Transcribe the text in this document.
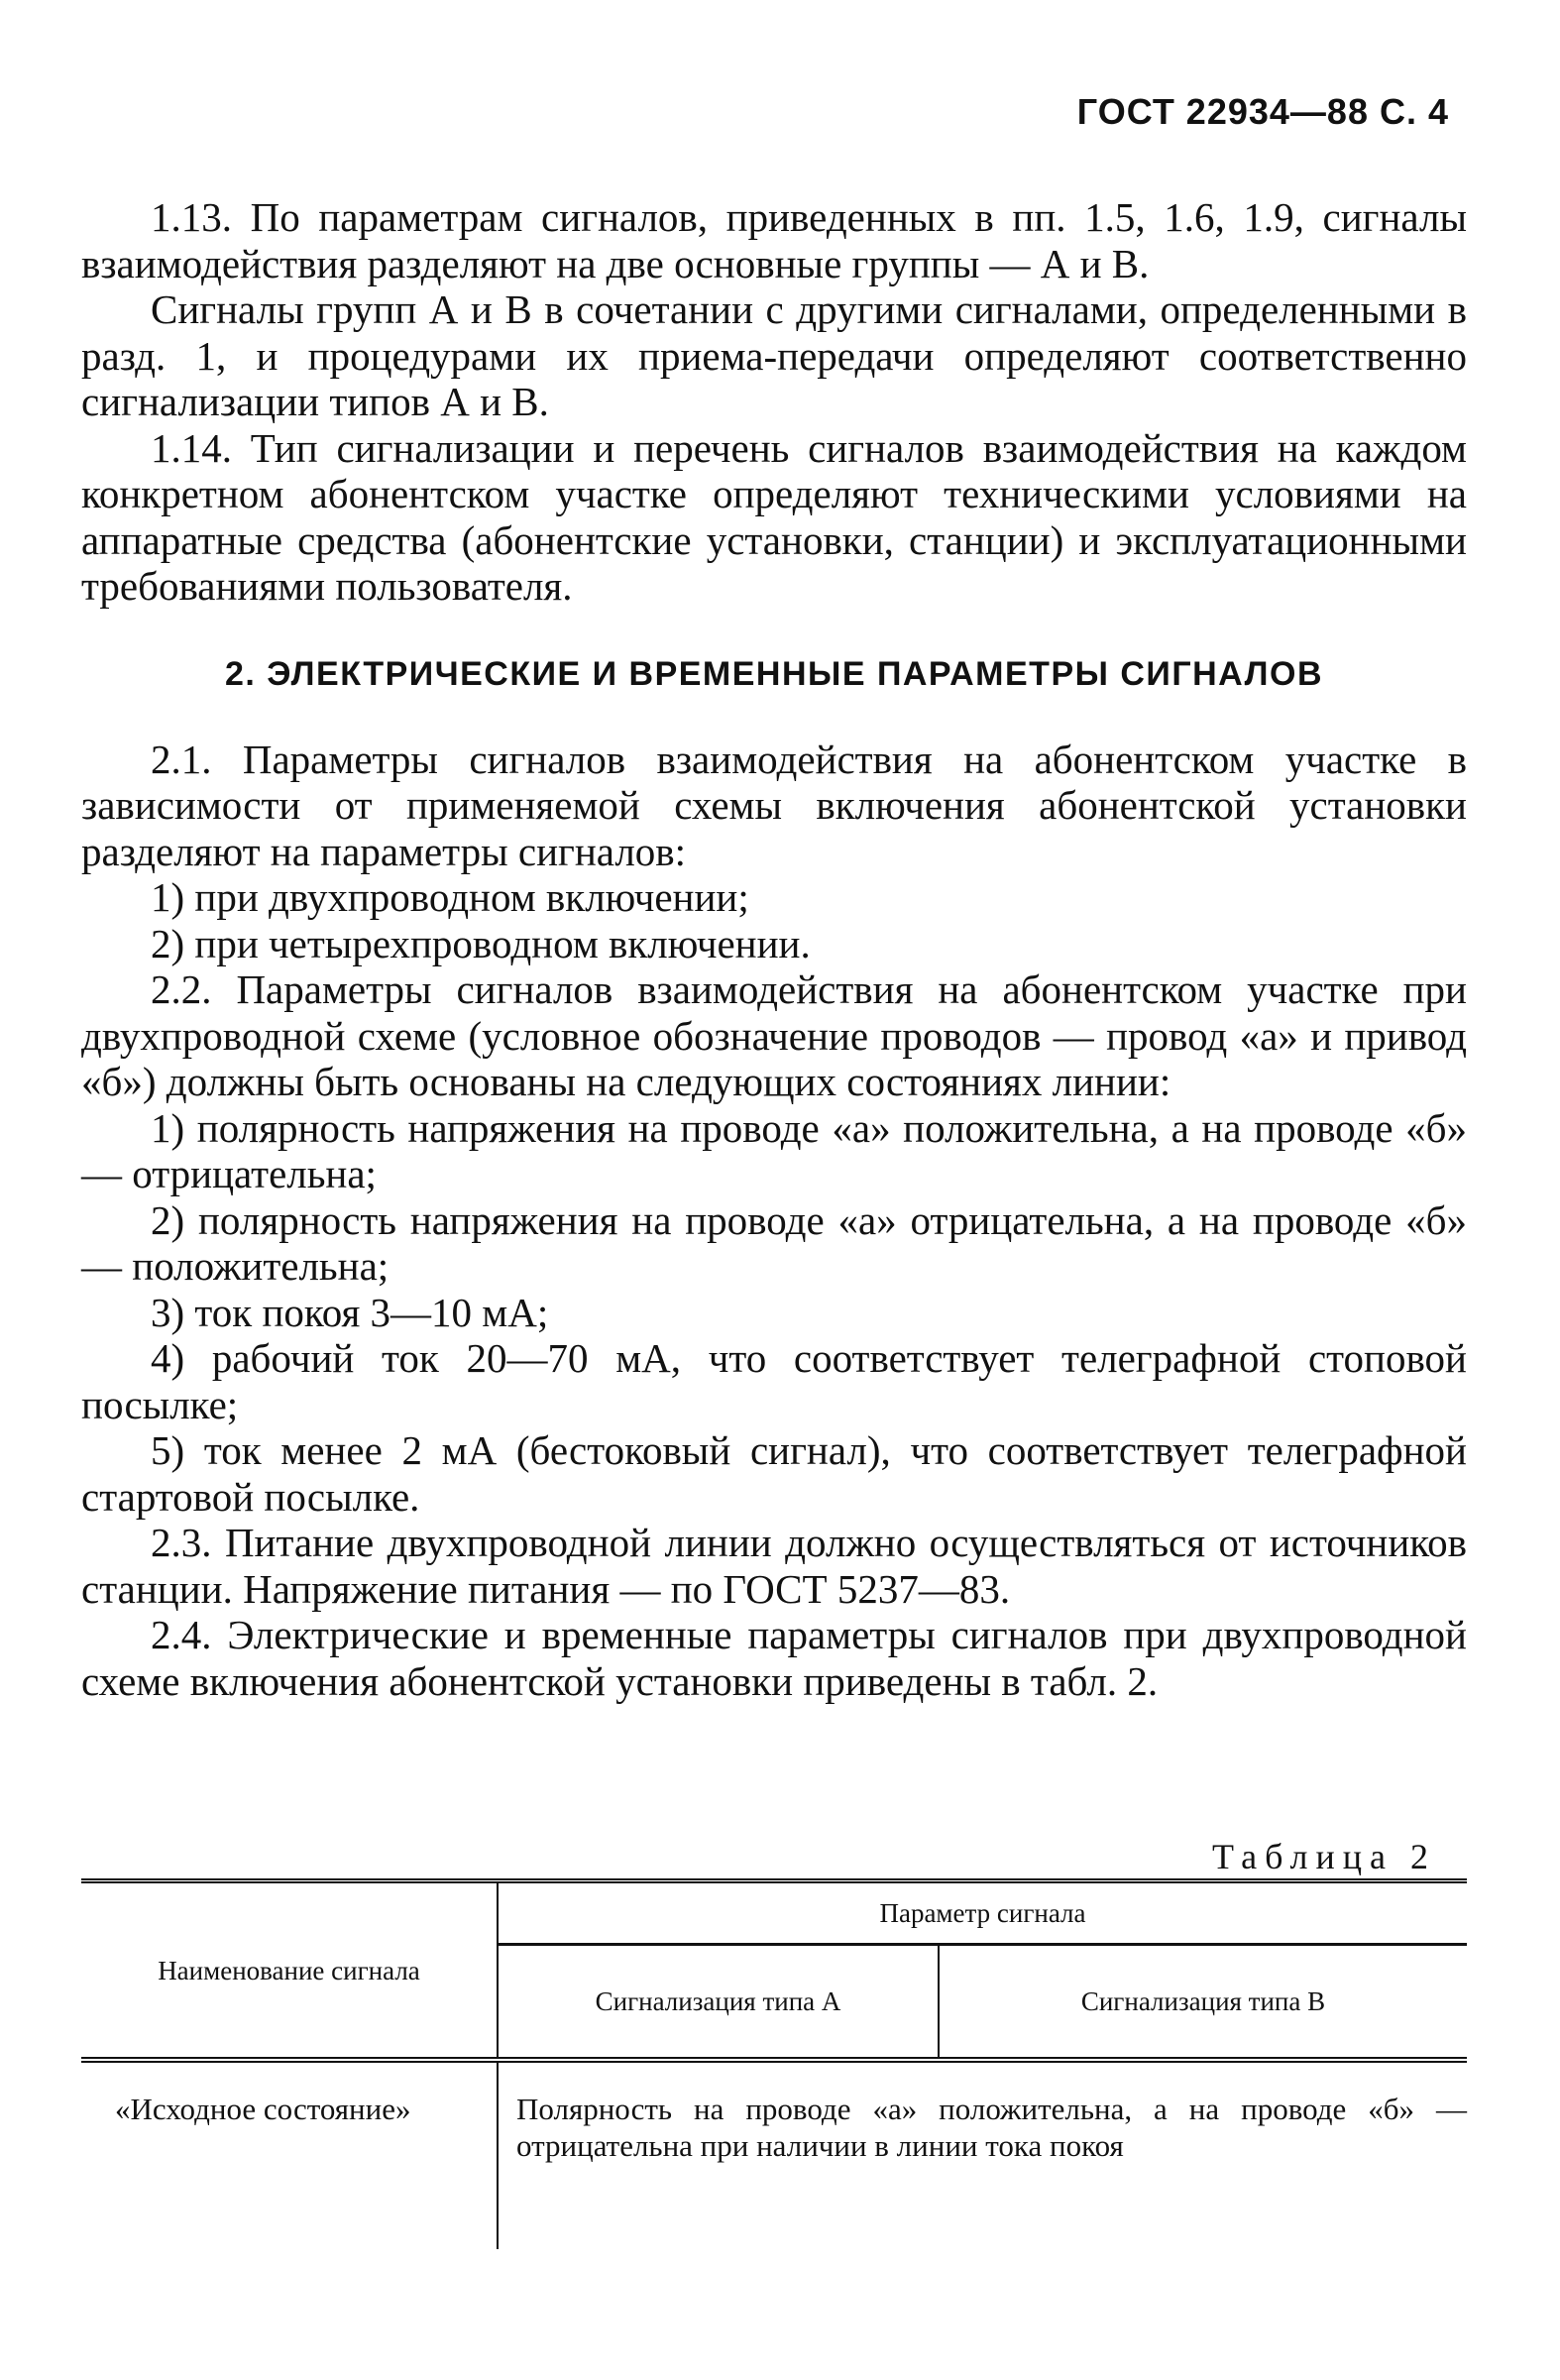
ГОСТ 22934—88 С. 4

1.13. По параметрам сигналов, приведенных в пп. 1.5, 1.6, 1.9, сигналы взаимодействия разделяют на две основные группы — А и В.

Сигналы групп А и В в сочетании с другими сигналами, определенными в разд. 1, и процедурами их приема-передачи определяют соответственно сигнализации типов А и В.

1.14. Тип сигнализации и перечень сигналов взаимодействия на каждом конкретном абонентском участке определяют техническими условиями на аппаратные средства (абонентские установки, станции) и эксплуатационными требованиями пользователя.

2. ЭЛЕКТРИЧЕСКИЕ И ВРЕМЕННЫЕ ПАРАМЕТРЫ СИГНАЛОВ

2.1. Параметры сигналов взаимодействия на абонентском участке в зависимости от применяемой схемы включения абонентской установки разделяют на параметры сигналов:

1) при двухпроводном включении;

2) при четырехпроводном включении.

2.2. Параметры сигналов взаимодействия на абонентском участке при двухпроводной схеме (условное обозначение проводов — провод «а» и привод «б») должны быть основаны на следующих состояниях линии:

1) полярность напряжения на проводе «а» положительна, а на проводе «б» — отрицательна;

2) полярность напряжения на проводе «а» отрицательна, а на проводе «б» — положительна;

3) ток покоя 3—10 мА;

4) рабочий ток 20—70 мА, что соответствует телеграфной стоповой посылке;

5) ток менее 2 мА (бестоковый сигнал), что соответствует телеграфной стартовой посылке.

2.3. Питание двухпроводной линии должно осуществляться от источников станции. Напряжение питания — по ГОСТ 5237—83.

2.4. Электрические и временные параметры сигналов при двухпроводной схеме включения абонентской установки приведены в табл. 2.

Таблица 2
Наименование сигнала	Параметр сигнала	
	Сигнализация типа А	Сигнализация типа В
«Исходное состояние»	Полярность на проводе «а» положительна, а на проводе «б» — отрицательна при наличии в линии тока покоя	
